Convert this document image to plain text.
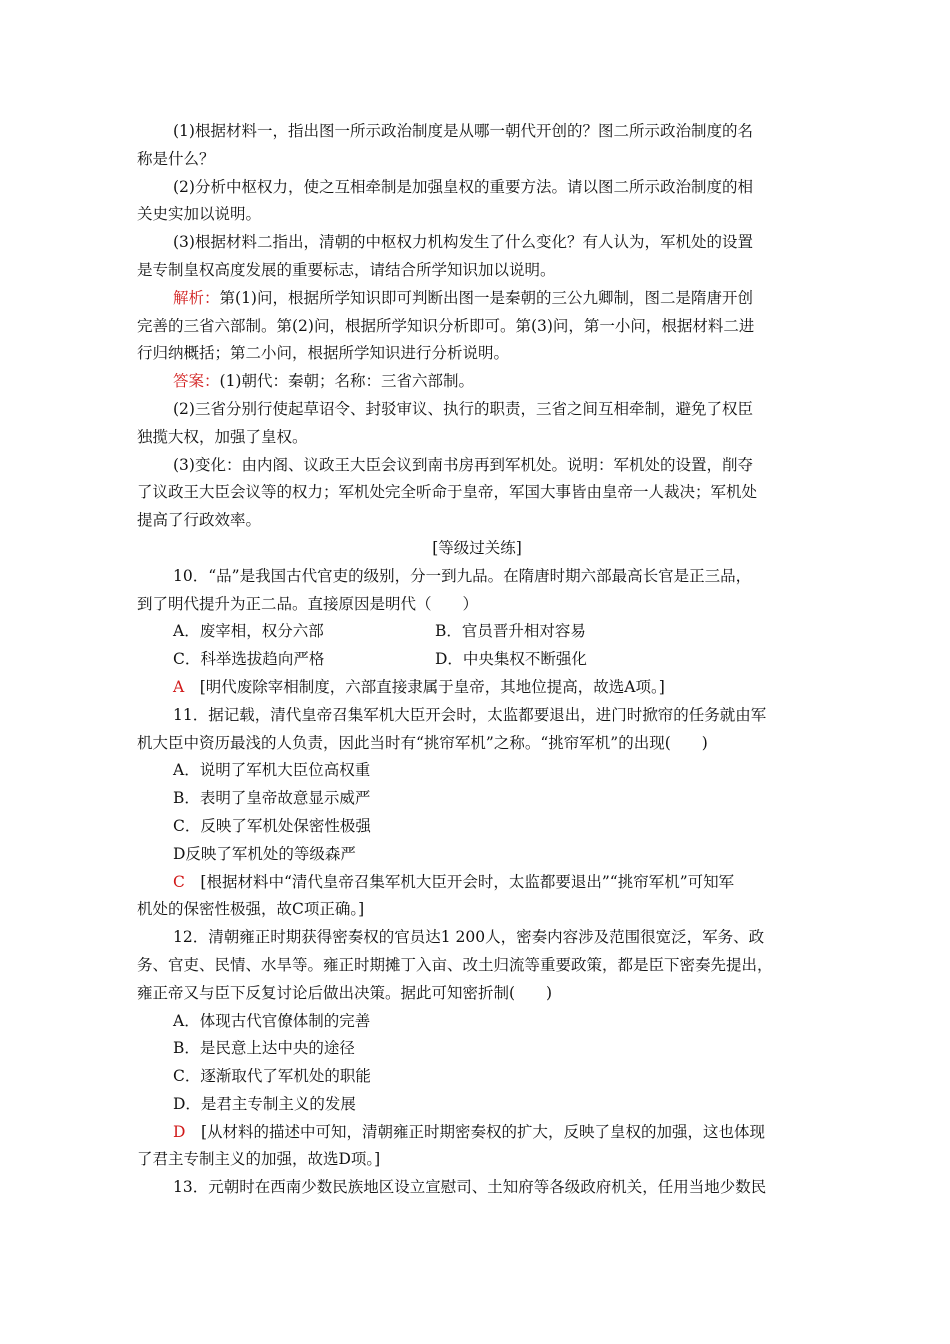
(1)根据材料一，指出图一所示政治制度是从哪一朝代开创的？图二所示政治制度的名
称是什么？
(2)分析中枢权力，使之互相牵制是加强皇权的重要方法。请以图二所示政治制度的相
关史实加以说明。
(3)根据材料二指出，清朝的中枢权力机构发生了什么变化？有人认为，军机处的设置
是专制皇权高度发展的重要标志，请结合所学知识加以说明。
解析：第(1)问，根据所学知识即可判断出图一是秦朝的三公九卿制，图二是隋唐开创
完善的三省六部制。第(2)问，根据所学知识分析即可。第(3)问，第一小问，根据材料二进
行归纳概括；第二小问，根据所学知识进行分析说明。
答案：(1)朝代：秦朝；名称：三省六部制。
(2)三省分别行使起草诏令、封驳审议、执行的职责，三省之间互相牵制，避免了权臣
独揽大权，加强了皇权。
(3)变化：由内阁、议政王大臣会议到南书房再到军机处。说明：军机处的设置，削夺
了议政王大臣会议等的权力；军机处完全听命于皇帝，军国大事皆由皇帝一人裁决；军机处
提高了行政效率。
[等级过关练]
10．“品”是我国古代官吏的级别，分一到九品。在隋唐时期六部最高长官是正三品，
到了明代提升为正二品。直接原因是明代（　　）
A．废宰相，权分六部	B．官员晋升相对容易
C．科举选拔趋向严格	D．中央集权不断强化
A　 [明代废除宰相制度，六部直接隶属于皇帝，其地位提高，故选A项。]
11．据记载，清代皇帝召集军机大臣开会时，太监都要退出，进门时掀帘的任务就由军
机大臣中资历最浅的人负责，因此当时有“挑帘军机”之称。“挑帘军机”的出现(　　)
A．说明了军机大臣位高权重
B．表明了皇帝故意显示威严
C．反映了军机处保密性极强
D反映了军机处的等级森严
C　 [根据材料中“清代皇帝召集军机大臣开会时，太监都要退出”“挑帘军机”可知军
机处的保密性极强，故C项正确。]
12．清朝雍正时期获得密奏权的官员达1 200人，密奏内容涉及范围很宽泛，军务、政
务、官吏、民情、水旱等。雍正时期摊丁入亩、改土归流等重要政策，都是臣下密奏先提出，
雍正帝又与臣下反复讨论后做出决策。据此可知密折制(　　)
A．体现古代官僚体制的完善
B．是民意上达中央的途径
C．逐渐取代了军机处的职能
D．是君主专制主义的发展
D　 [从材料的描述中可知，清朝雍正时期密奏权的扩大，反映了皇权的加强，这也体现
了君主专制主义的加强，故选D项。]
13．元朝时在西南少数民族地区设立宣慰司、土知府等各级政府机关，任用当地少数民
